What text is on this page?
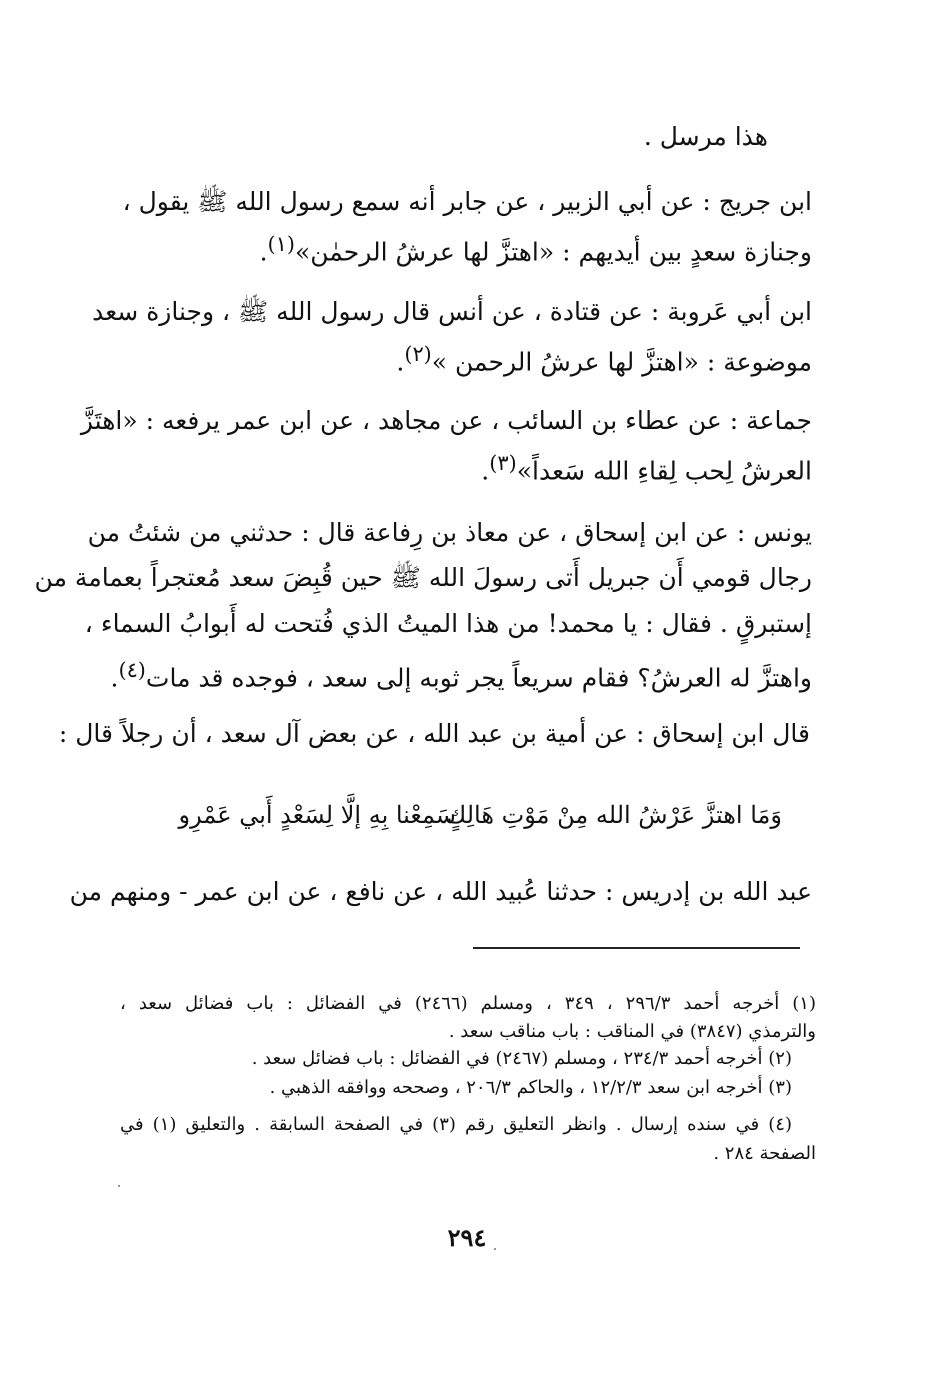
هذا مرسل .
ابن جريج : عن أبي الزبير ، عن جابر أنه سمع رسول الله ﷺ يقول ،
وجنازة سعدٍ بين أيديهم : «اهتزَّ لها عرشُ الرحمٰن»$^{(١)}$.
ابن أبي عَروبة : عن قتادة ، عن أنس قال رسول الله ﷺ ، وجنازة سعد
موضوعة : «اهتزَّ لها عرشُ الرحمن »$^{(٢)}$.
جماعة : عن عطاء بن السائب ، عن مجاهد ، عن ابن عمر يرفعه : «اهتَزَّ
العرشُ لِحب لِقاءِ الله سَعداً»$^{(٣)}$.
يونس : عن ابن إسحاق ، عن معاذ بن رِفاعة قال : حدثني من شئتُ من
رجال قومي أَن جبريل أَتى رسولَ الله ﷺ حين قُبِضَ سعد مُعتجراً بعمامة من
إستبرقٍ . فقال : يا محمد! من هذا الميتُ الذي فُتحت له أَبوابُ السماء ،
واهتزَّ له العرشُ؟ فقام سريعاً يجر ثوبه إلى سعد ، فوجده قد مات$^{(٤)}$.
قال ابن إسحاق : عن أمية بن عبد الله ، عن بعض آل سعد ، أن رجلاً قال :
وَمَا اهتزَّ عَرْشُ الله مِنْ مَوْتِ هَالِكٍ
سَمِعْنا بِهِ إلَّا لِسَعْدٍ أَبي عَمْرِو
عبد الله بن إدريس : حدثنا عُبيد الله ، عن نافع ، عن ابن عمر - ومنهم من
(١) أخرجه أحمد ٢٩٦/٣ ، ٣٤٩ ، ومسلم (٢٤٦٦) في الفضائل : باب فضائل سعد ،
والترمذي (٣٨٤٧) في المناقب : باب مناقب سعد .
(٢) أخرجه أحمد ٢٣٤/٣ ، ومسلم (٢٤٦٧) في الفضائل : باب فضائل سعد .
(٣) أخرجه ابن سعد ١٢/٢/٣ ، والحاكم ٢٠٦/٣ ، وصححه ووافقه الذهبي .
(٤) في سنده إرسال . وانظر التعليق رقم (٣) في الصفحة السابقة . والتعليق (١) في
الصفحة ٢٨٤ .
٢٩٤
